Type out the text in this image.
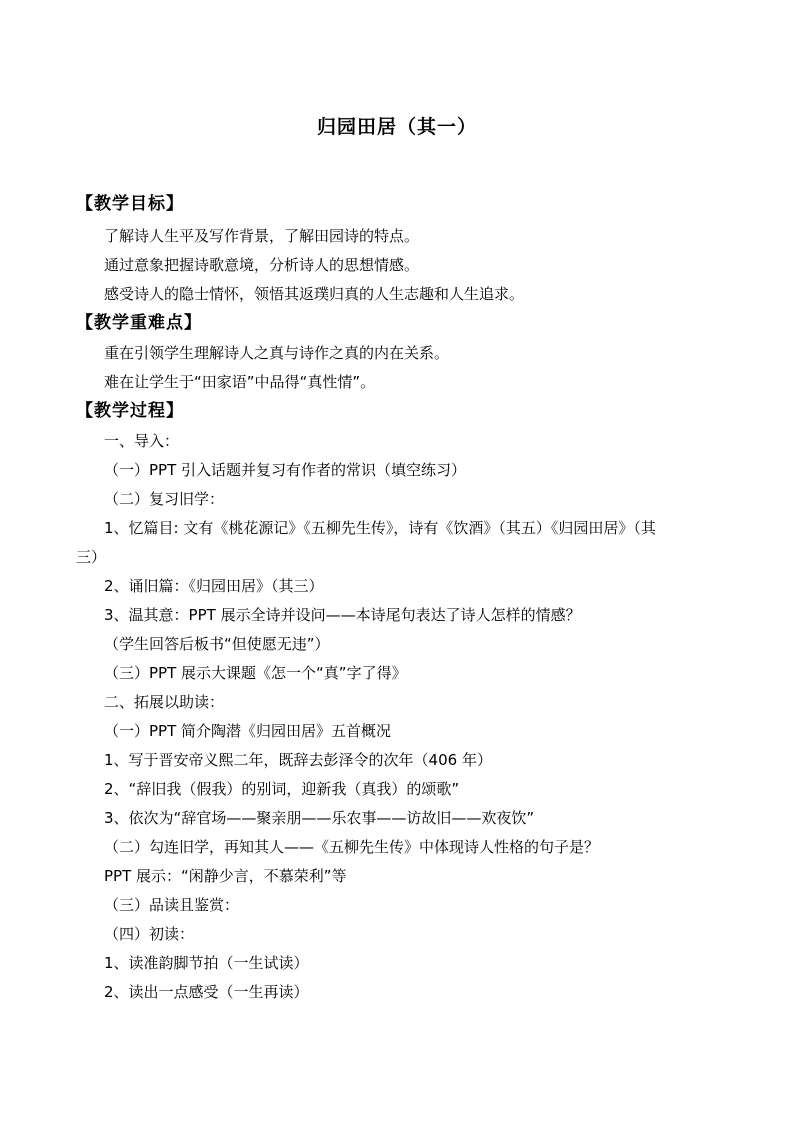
归园田居（其一）
【教学目标】
了解诗人生平及写作背景，了解田园诗的特点。
通过意象把握诗歌意境，分析诗人的思想情感。
感受诗人的隐士情怀，领悟其返璞归真的人生志趣和人生追求。
【教学重难点】
重在引领学生理解诗人之真与诗作之真的内在关系。
难在让学生于“田家语”中品得“真性情”。
【教学过程】
一、导入：
（一）PPT 引入话题并复习有作者的常识（填空练习）
（二）复习旧学：
1、忆篇目: 文有《桃花源记》《五柳先生传》，诗有《饮酒》（其五）《归园田居》（其
三）
2、诵旧篇：《归园田居》（其三）
3、温其意：PPT 展示全诗并设问——本诗尾句表达了诗人怎样的情感？
（学生回答后板书“但使愿无违”）
（三）PPT 展示大课题《怎一个“真”字了得》
二、拓展以助读：
（一）PPT 简介陶潜《归园田居》五首概况
1、写于晋安帝义熙二年，既辞去彭泽令的次年（406 年）
2、“辞旧我（假我）的别词，迎新我（真我）的颂歌”
3、依次为“辞官场——聚亲朋——乐农事——访故旧——欢夜饮”
（二）勾连旧学，再知其人——《五柳先生传》中体现诗人性格的句子是？
PPT 展示：“闲静少言，不慕荣利”等
（三）品读且鉴赏：
（四）初读：
1、读准韵脚节拍（一生试读）
2、读出一点感受（一生再读）
